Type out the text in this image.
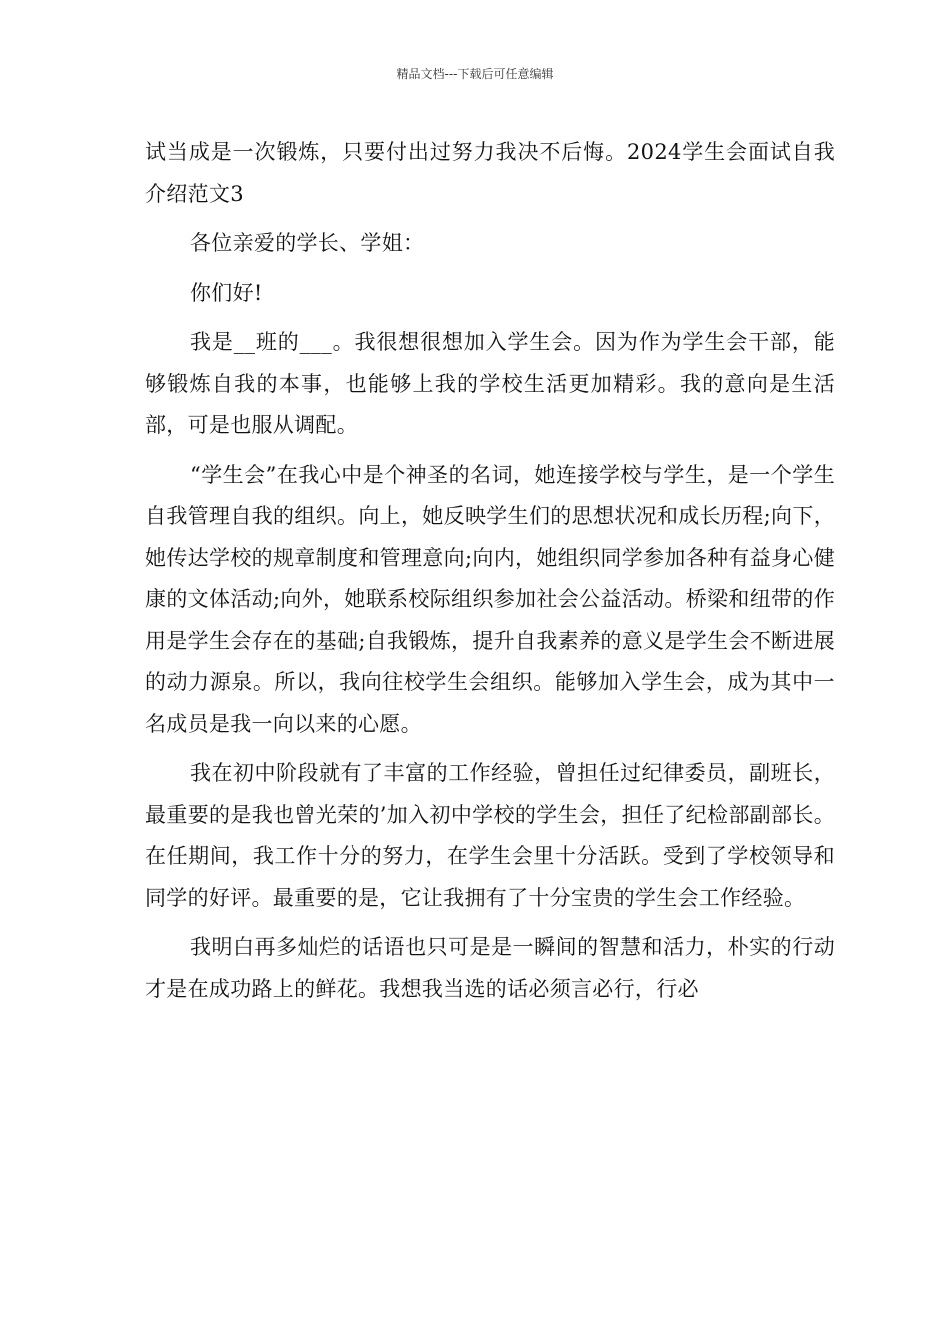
精品文档---下载后可任意编辑

试当成是一次锻炼，只要付出过努力我决不后悔。2024学生会面试自我介绍范文3

各位亲爱的学长、学姐：

你们好!

我是__班的___。我很想很想加入学生会。因为作为学生会干部，能够锻炼自我的本事，也能够上我的学校生活更加精彩。我的意向是生活部，可是也服从调配。

“学生会”在我心中是个神圣的名词，她连接学校与学生，是一个学生自我管理自我的组织。向上，她反映学生们的思想状况和成长历程;向下，她传达学校的规章制度和管理意向;向内，她组织同学参加各种有益身心健康的文体活动;向外，她联系校际组织参加社会公益活动。桥梁和纽带的作用是学生会存在的基础;自我锻炼，提升自我素养的意义是学生会不断进展的动力源泉。所以，我向往校学生会组织。能够加入学生会，成为其中一名成员是我一向以来的心愿。

我在初中阶段就有了丰富的工作经验，曾担任过纪律委员，副班长，最重要的是我也曾光荣的’加入初中学校的学生会，担任了纪检部副部长。在任期间，我工作十分的努力，在学生会里十分活跃。受到了学校领导和同学的好评。最重要的是，它让我拥有了十分宝贵的学生会工作经验。

我明白再多灿烂的话语也只可是是一瞬间的智慧和活力，朴实的行动才是在成功路上的鲜花。我想我当选的话必须言必行，行必
